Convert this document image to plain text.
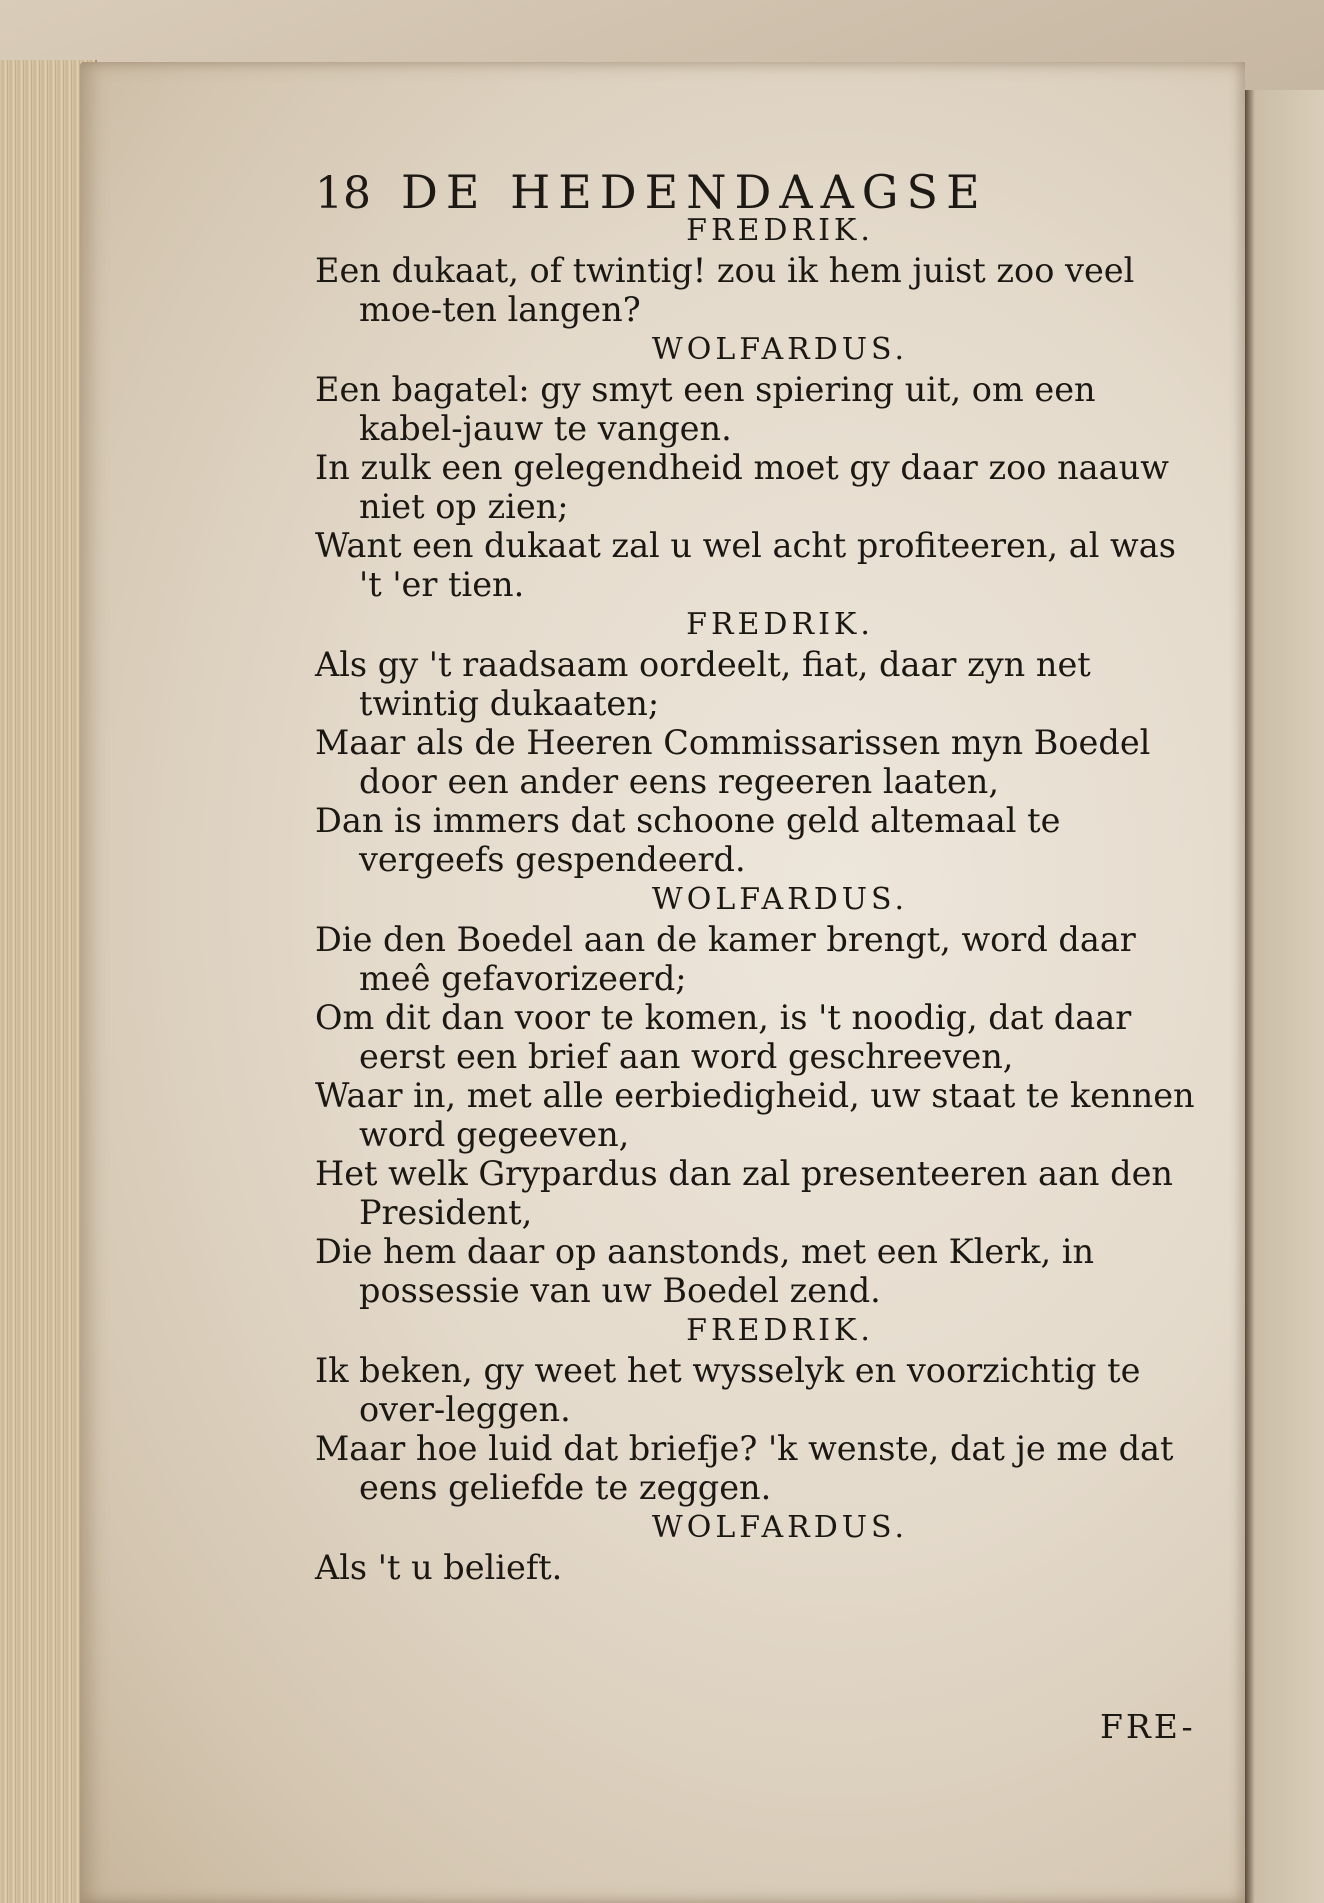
18 DE HEDENDAAGSE
FREDRIK.
Een dukaat, of twintig! zou ik hem juist zoo veel moe-ten langen?
WOLFARDUS.
Een bagatel: gy smyt een spiering uit, om een kabel-jauw te vangen.
In zulk een gelegendheid moet gy daar zoo naauw niet op zien;
Want een dukaat zal u wel acht profiteeren, al was 't 'er tien.
FREDRIK.
Als gy 't raadsaam oordeelt, fiat, daar zyn net twintig dukaaten;
Maar als de Heeren Commissarissen myn Boedel door een ander eens regeeren laaten,
Dan is immers dat schoone geld altemaal te vergeefs gespendeerd.
WOLFARDUS.
Die den Boedel aan de kamer brengt, word daar meê gefavorizeerd;
Om dit dan voor te komen, is 't noodig, dat daar eerst een brief aan word geschreeven,
Waar in, met alle eerbiedigheid, uw staat te kennen word gegeeven,
Het welk Grypardus dan zal presenteeren aan den President,
Die hem daar op aanstonds, met een Klerk, in possessie van uw Boedel zend.
FREDRIK.
Ik beken, gy weet het wysselyk en voorzichtig te over-leggen.
Maar hoe luid dat briefje? 'k wenste, dat je me dat eens geliefde te zeggen.
WOLFARDUS.
Als 't u belieft.
FRE-
